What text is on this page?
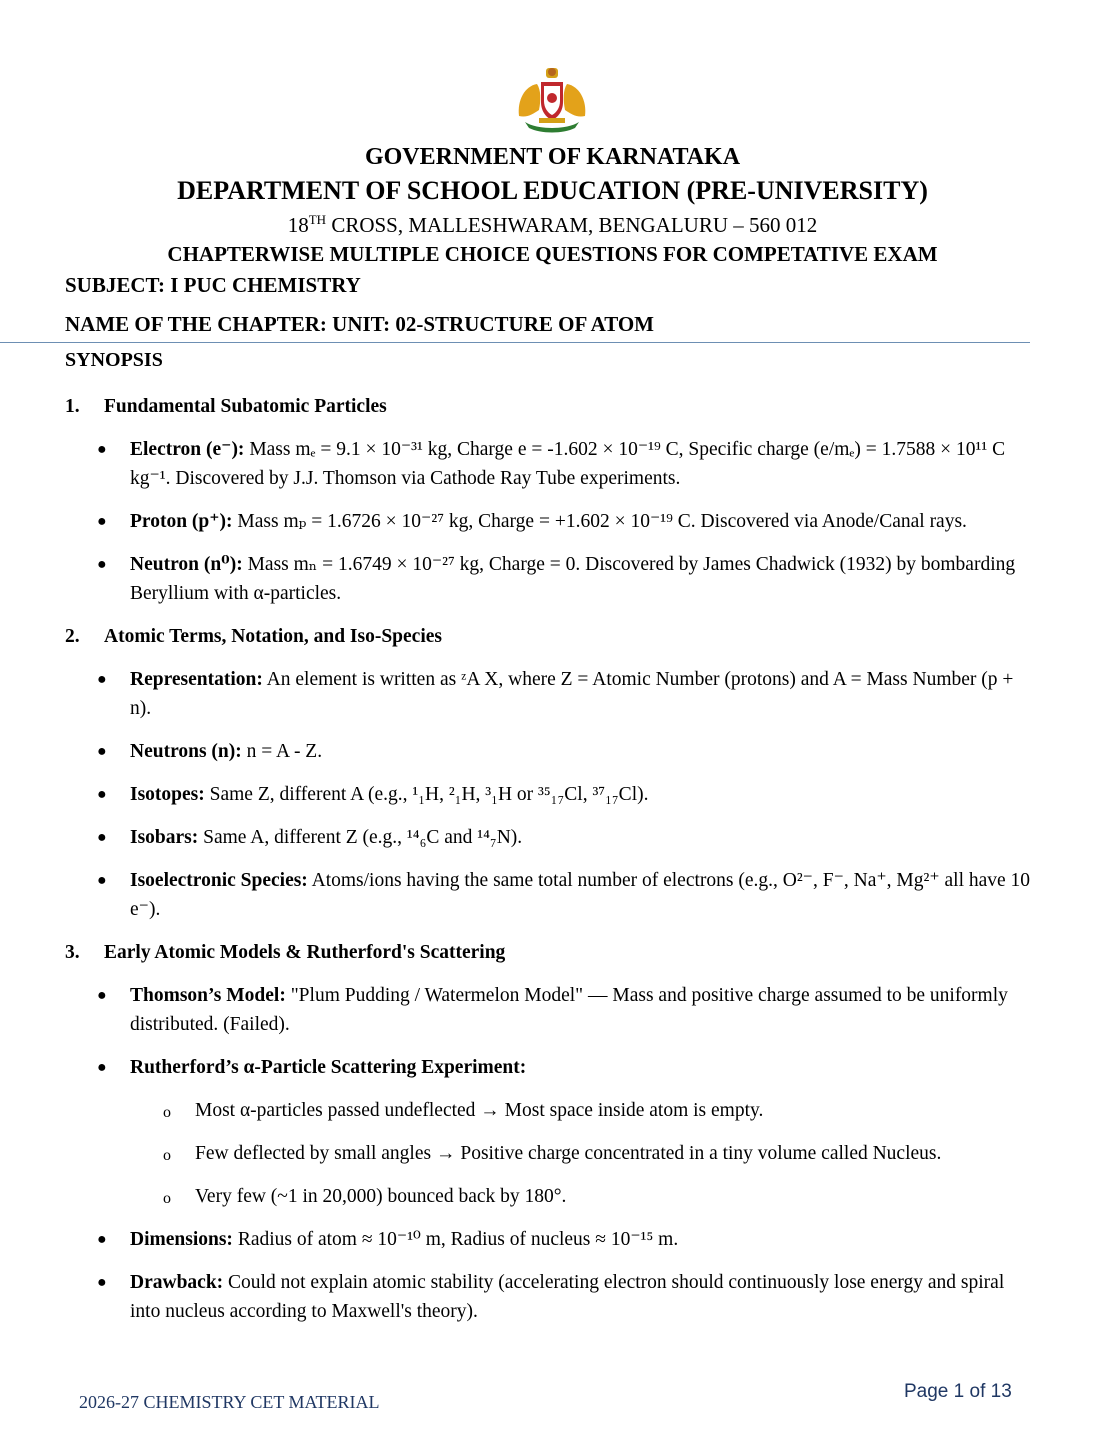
GOVERNMENT OF KARNATAKA
DEPARTMENT OF SCHOOL EDUCATION (PRE-UNIVERSITY)
18TH CROSS, MALLESHWARAM, BENGALURU – 560 012
CHAPTERWISE MULTIPLE CHOICE QUESTIONS FOR COMPETATIVE EXAM
SUBJECT: I PUC CHEMISTRY
NAME OF THE CHAPTER: UNIT: 02-STRUCTURE OF ATOM
SYNOPSIS
1. Fundamental Subatomic Particles
● Electron (e⁻): Mass mₑ = 9.1 × 10⁻³¹ kg, Charge e = -1.602 × 10⁻¹⁹ C, Specific charge (e/mₑ) = 1.7588 × 10¹¹ C kg⁻¹. Discovered by J.J. Thomson via Cathode Ray Tube experiments.
● Proton (p⁺): Mass mₚ = 1.6726 × 10⁻²⁷ kg, Charge = +1.602 × 10⁻¹⁹ C. Discovered via Anode/Canal rays.
● Neutron (n⁰): Mass mₙ = 1.6749 × 10⁻²⁷ kg, Charge = 0. Discovered by James Chadwick (1932) by bombarding Beryllium with α-particles.
2. Atomic Terms, Notation, and Iso-Species
● Representation: An element is written as ᶻA X, where Z = Atomic Number (protons) and A = Mass Number (p + n).
● Neutrons (n): n = A - Z.
● Isotopes: Same Z, different A (e.g., ¹₁H, ²₁H, ³₁H or ³⁵₁₇Cl, ³⁷₁₇Cl).
● Isobars: Same A, different Z (e.g., ¹⁴₆C and ¹⁴₇N).
● Isoelectronic Species: Atoms/ions having the same total number of electrons (e.g., O²⁻, F⁻, Na⁺, Mg²⁺ all have 10 e⁻).
3. Early Atomic Models & Rutherford's Scattering
● Thomson’s Model: "Plum Pudding / Watermelon Model" — Mass and positive charge assumed to be uniformly distributed. (Failed).
● Rutherford’s α-Particle Scattering Experiment:
o Most α-particles passed undeflected → Most space inside atom is empty.
o Few deflected by small angles → Positive charge concentrated in a tiny volume called Nucleus.
o Very few (~1 in 20,000) bounced back by 180°.
● Dimensions: Radius of atom ≈ 10⁻¹⁰ m, Radius of nucleus ≈ 10⁻¹⁵ m.
● Drawback: Could not explain atomic stability (accelerating electron should continuously lose energy and spiral into nucleus according to Maxwell's theory).
2026-27 CHEMISTRY CET MATERIAL	Page 1 of 13
